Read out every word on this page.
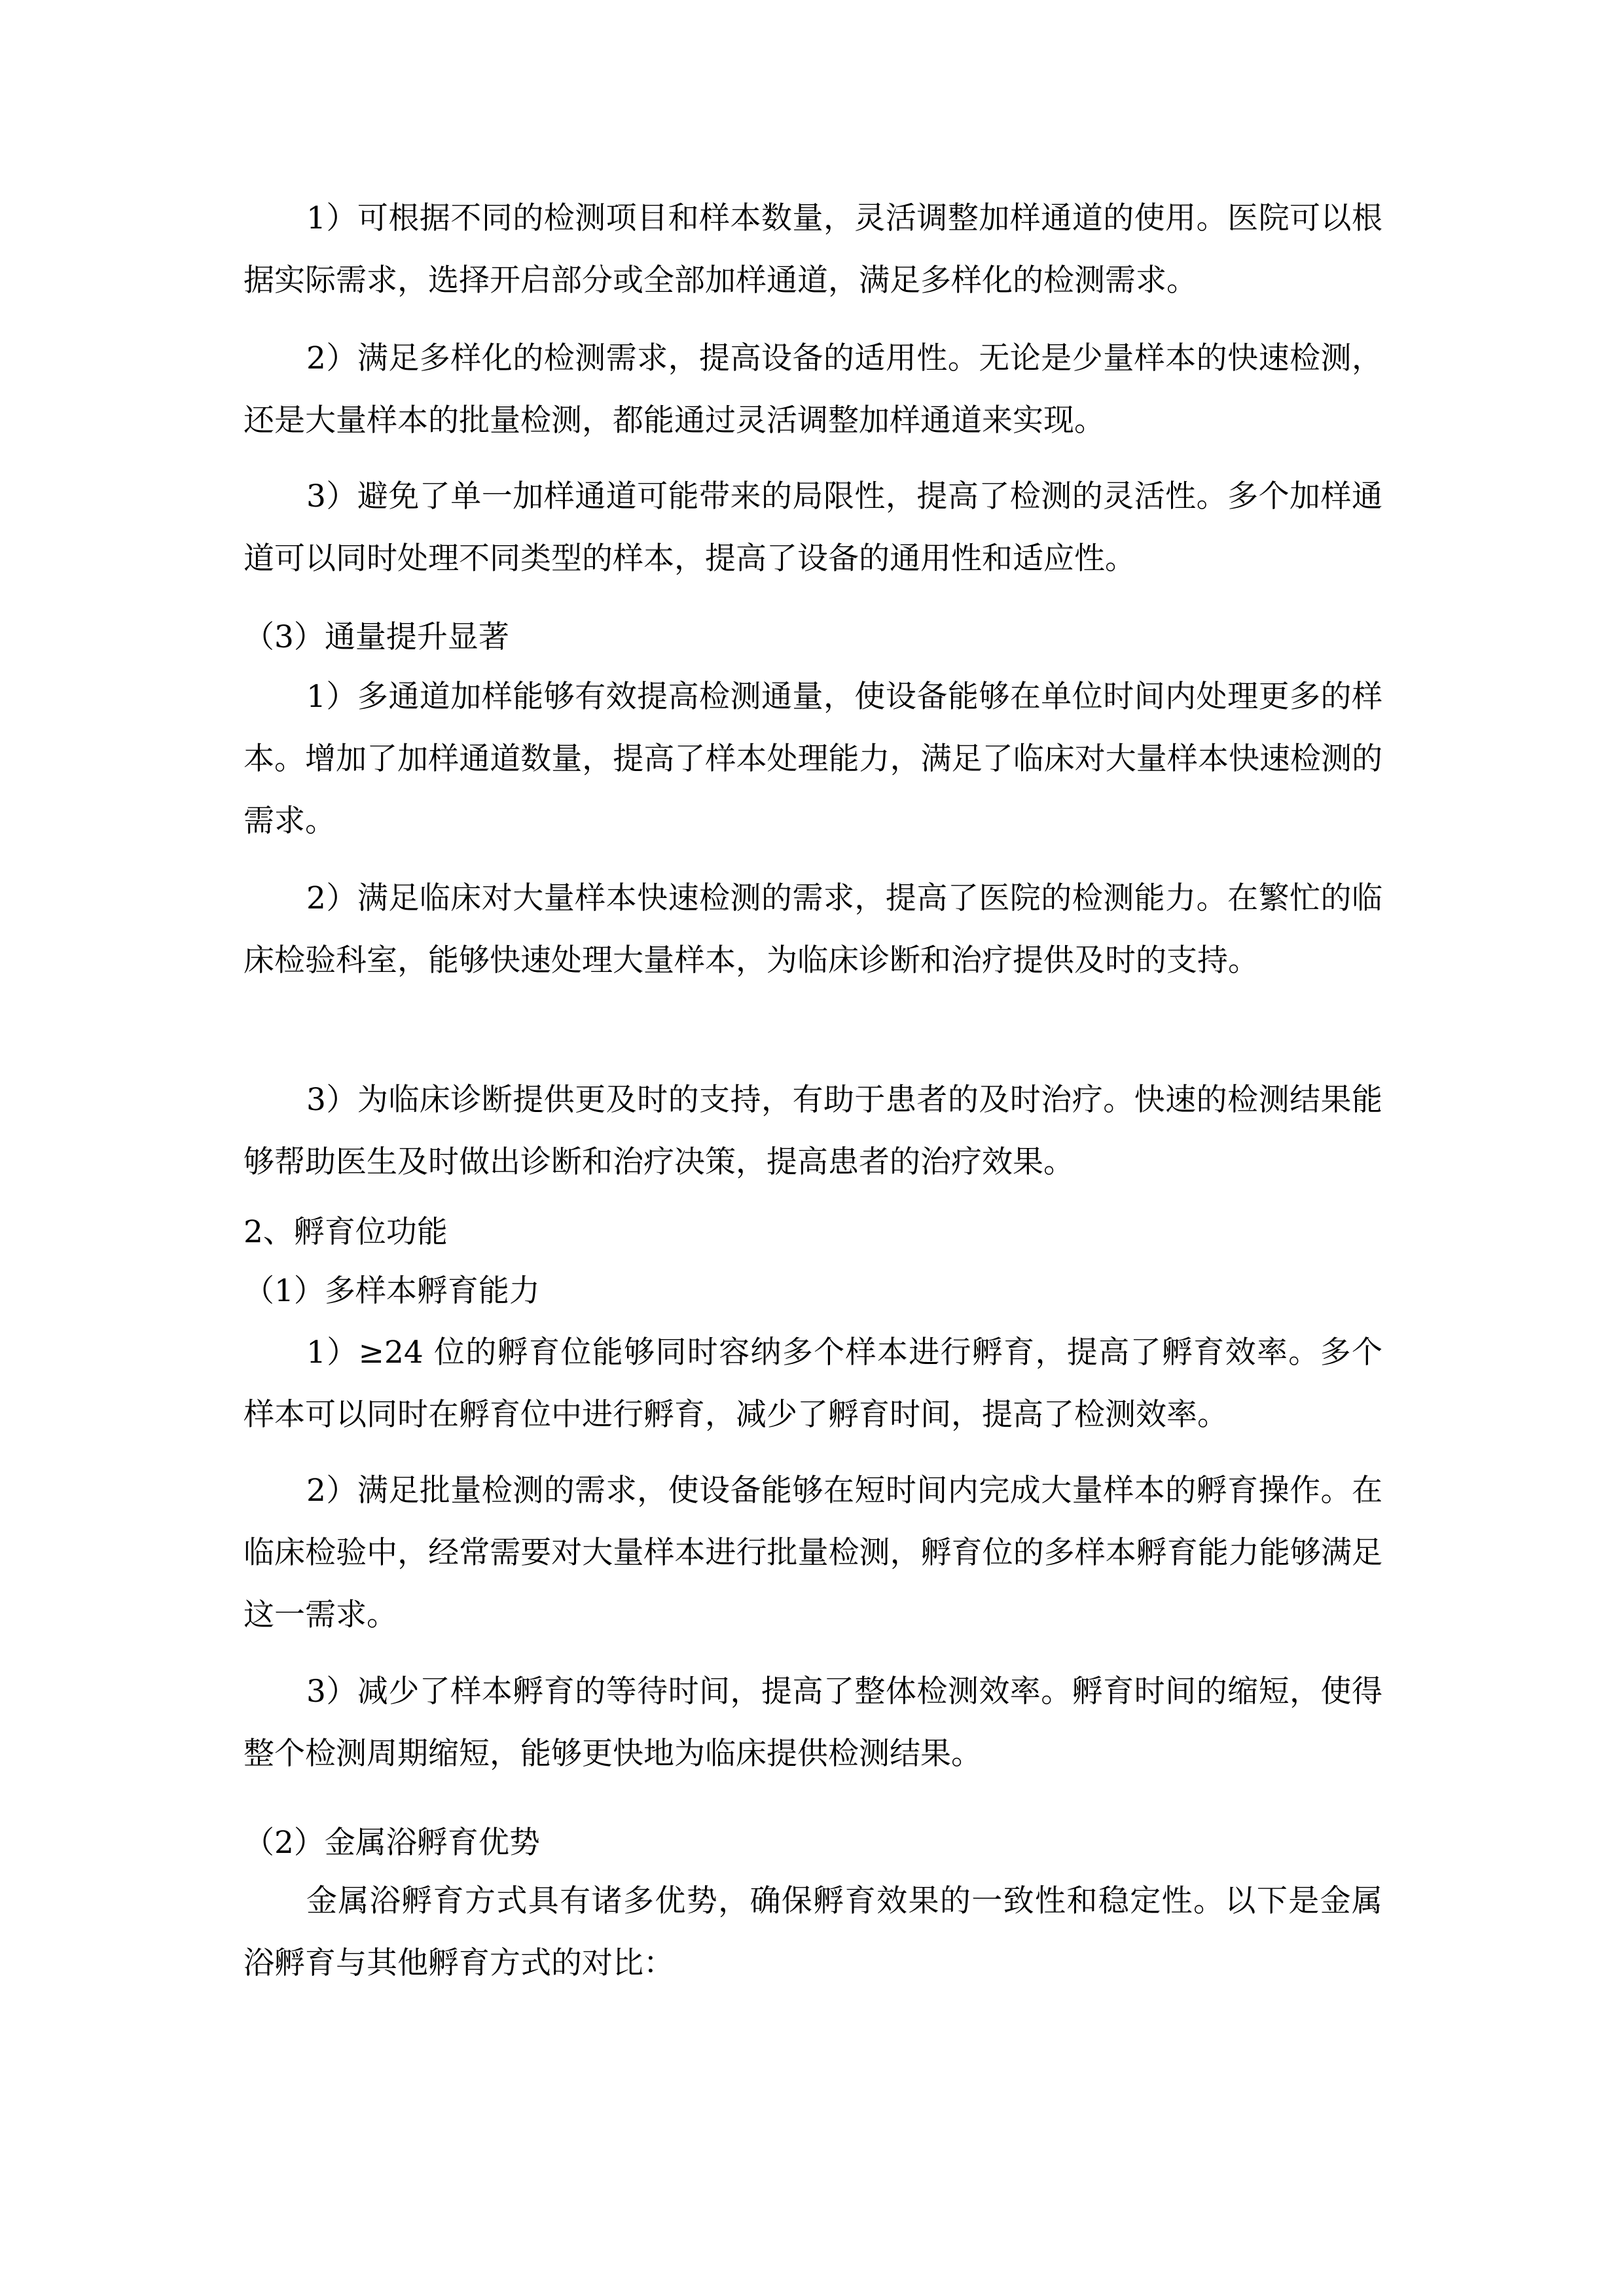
1）可根据不同的检测项目和样本数量，灵活调整加样通道的使用。医院可以根据实际需求，选择开启部分或全部加样通道，满足多样化的检测需求。

2）满足多样化的检测需求，提高设备的适用性。无论是少量样本的快速检测，还是大量样本的批量检测，都能通过灵活调整加样通道来实现。

3）避免了单一加样通道可能带来的局限性，提高了检测的灵活性。多个加样通道可以同时处理不同类型的样本，提高了设备的通用性和适应性。

（3）通量提升显著

1）多通道加样能够有效提高检测通量，使设备能够在单位时间内处理更多的样本。增加了加样通道数量，提高了样本处理能力，满足了临床对大量样本快速检测的需求。

2）满足临床对大量样本快速检测的需求，提高了医院的检测能力。在繁忙的临床检验科室，能够快速处理大量样本，为临床诊断和治疗提供及时的支持。

3）为临床诊断提供更及时的支持，有助于患者的及时治疗。快速的检测结果能够帮助医生及时做出诊断和治疗决策，提高患者的治疗效果。

2、孵育位功能

（1）多样本孵育能力

1）≥24 位的孵育位能够同时容纳多个样本进行孵育，提高了孵育效率。多个样本可以同时在孵育位中进行孵育，减少了孵育时间，提高了检测效率。

2）满足批量检测的需求，使设备能够在短时间内完成大量样本的孵育操作。在临床检验中，经常需要对大量样本进行批量检测，孵育位的多样本孵育能力能够满足这一需求。

3）减少了样本孵育的等待时间，提高了整体检测效率。孵育时间的缩短，使得整个检测周期缩短，能够更快地为临床提供检测结果。

（2）金属浴孵育优势

金属浴孵育方式具有诸多优势，确保孵育效果的一致性和稳定性。以下是金属浴孵育与其他孵育方式的对比：
